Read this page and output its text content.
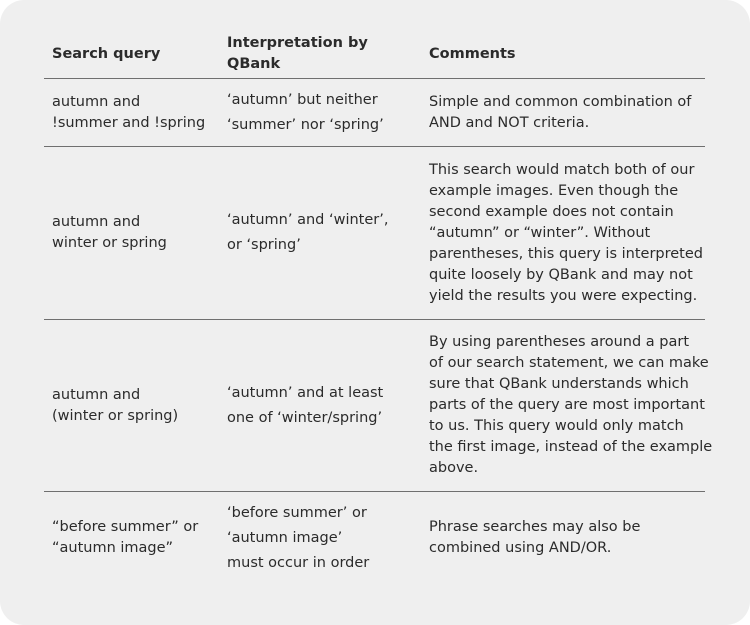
Search query
Interpretation by QBank
Comments
autumn and
!summer and !spring
‘autumn’ but neither
‘summer’ nor ‘spring’
Simple and common combination of
AND and NOT criteria.
autumn and
winter or spring
‘autumn’ and ‘winter’,
or ‘spring’
This search would match both of our
example images. Even though the
second example does not contain
“autumn” or “winter”. Without
parentheses, this query is interpreted
quite loosely by QBank and may not
yield the results you were expecting.
autumn and
(winter or spring)
‘autumn’ and at least
one of ‘winter/spring’
By using parentheses around a part
of our search statement, we can make
sure that QBank understands which
parts of the query are most important
to us. This query would only match
the first image, instead of the example
above.
“before summer” or
“autumn image”
‘before summer’ or
‘autumn image’
must occur in order
Phrase searches may also be
combined using AND/OR.
